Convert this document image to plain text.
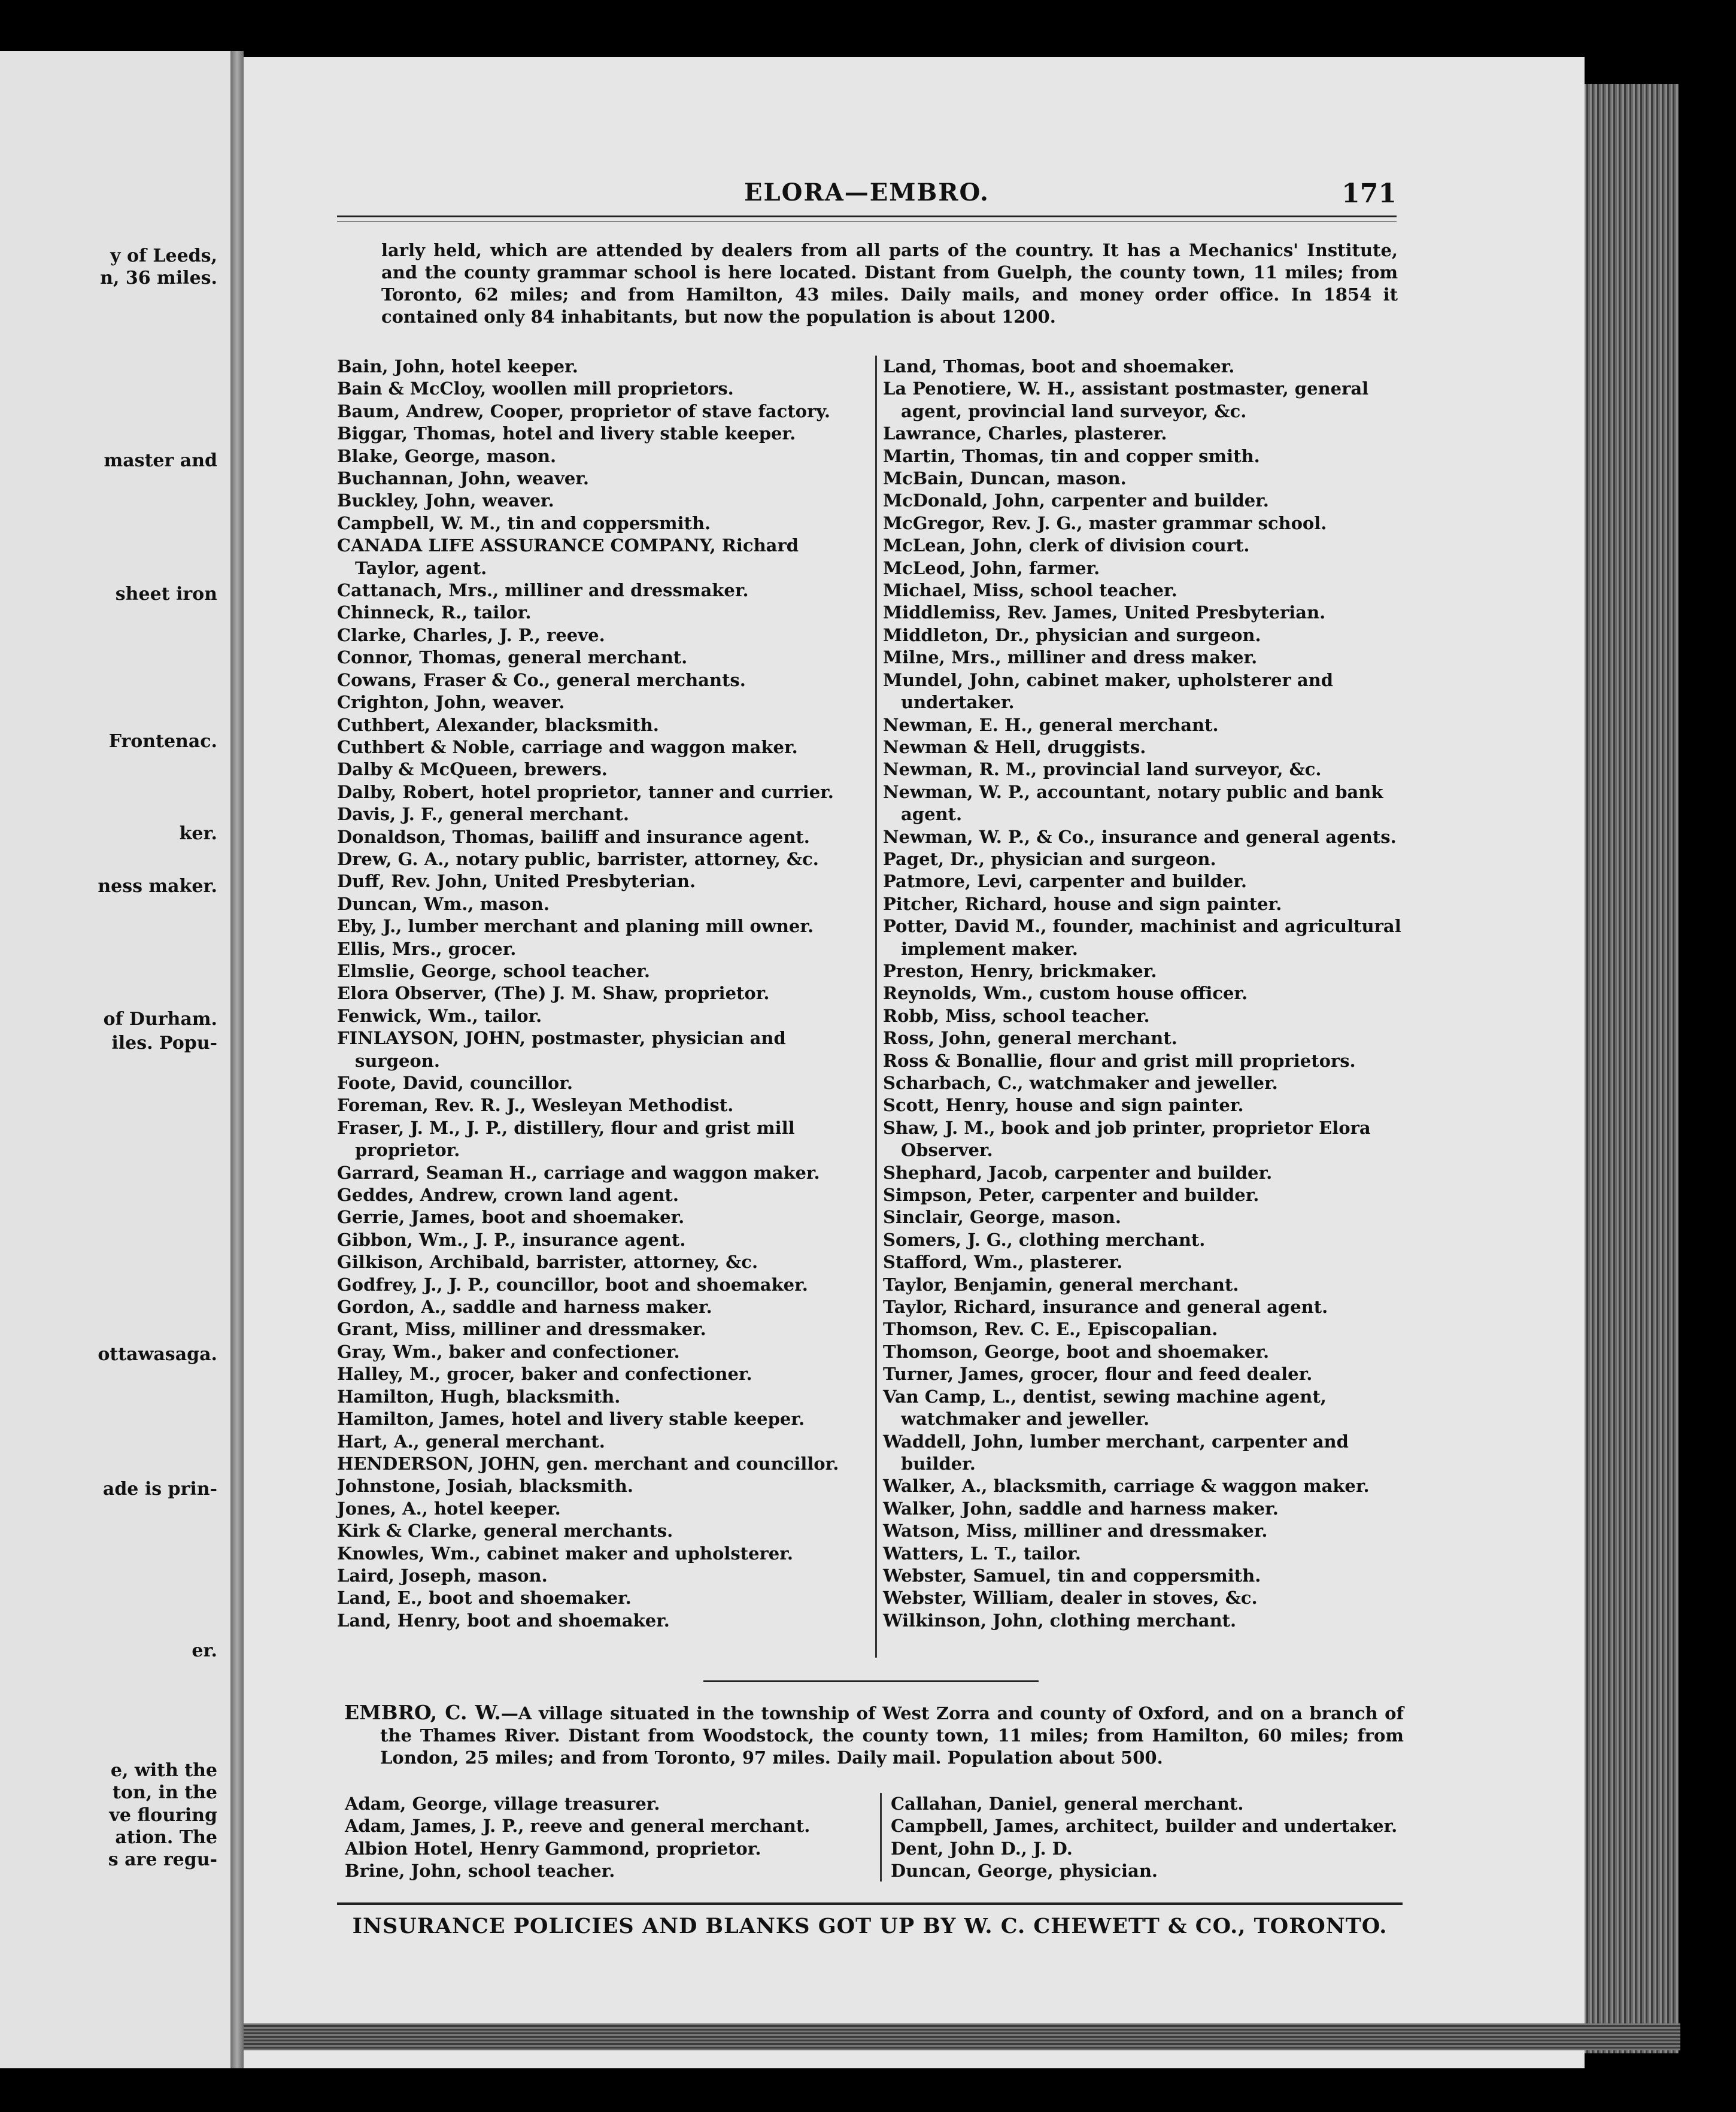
y of Leeds,
n, 36 miles.
master and
sheet iron
Frontenac.
ker.
ness maker.
of Durham.
iles. Popu-
ottawasaga.
ade is prin-
er.
e, with the
ton, in the
ve flouring
ation. The
s are regu-
ELORA—EMBRO.	171
larly held, which are attended by dealers from all parts of the country. It has a Mechanics' Institute, and the county grammar school is here located. Distant from Guelph, the county town, 11 miles; from Toronto, 62 miles; and from Hamilton, 43 miles. Daily mails, and money order office. In 1854 it contained only 84 inhabitants, but now the population is about 1200.
Bain, John, hotel keeper.
Bain & McCloy, woollen mill proprietors.
Baum, Andrew, Cooper, proprietor of stave factory.
Biggar, Thomas, hotel and livery stable keeper.
Blake, George, mason.
Buchannan, John, weaver.
Buckley, John, weaver.
Campbell, W. M., tin and coppersmith.
CANADA LIFE ASSURANCE COMPANY, Richard Taylor, agent.
Cattanach, Mrs., milliner and dressmaker.
Chinneck, R., tailor.
Clarke, Charles, J. P., reeve.
Connor, Thomas, general merchant.
Cowans, Fraser & Co., general merchants.
Crighton, John, weaver.
Cuthbert, Alexander, blacksmith.
Cuthbert & Noble, carriage and waggon maker.
Dalby & McQueen, brewers.
Dalby, Robert, hotel proprietor, tanner and currier.
Davis, J. F., general merchant.
Donaldson, Thomas, bailiff and insurance agent.
Drew, G. A., notary public, barrister, attorney, &c.
Duff, Rev. John, United Presbyterian.
Duncan, Wm., mason.
Eby, J., lumber merchant and planing mill owner.
Ellis, Mrs., grocer.
Elmslie, George, school teacher.
Elora Observer, (The) J. M. Shaw, proprietor.
Fenwick, Wm., tailor.
FINLAYSON, JOHN, postmaster, physician and surgeon.
Foote, David, councillor.
Foreman, Rev. R. J., Wesleyan Methodist.
Fraser, J. M., J. P., distillery, flour and grist mill proprietor.
Garrard, Seaman H., carriage and waggon maker.
Geddes, Andrew, crown land agent.
Gerrie, James, boot and shoemaker.
Gibbon, Wm., J. P., insurance agent.
Gilkison, Archibald, barrister, attorney, &c.
Godfrey, J., J. P., councillor, boot and shoemaker.
Gordon, A., saddle and harness maker.
Grant, Miss, milliner and dressmaker.
Gray, Wm., baker and confectioner.
Halley, M., grocer, baker and confectioner.
Hamilton, Hugh, blacksmith.
Hamilton, James, hotel and livery stable keeper.
Hart, A., general merchant.
HENDERSON, JOHN, gen. merchant and councillor.
Johnstone, Josiah, blacksmith.
Jones, A., hotel keeper.
Kirk & Clarke, general merchants.
Knowles, Wm., cabinet maker and upholsterer.
Laird, Joseph, mason.
Land, E., boot and shoemaker.
Land, Henry, boot and shoemaker.
Land, Thomas, boot and shoemaker.
La Penotiere, W. H., assistant postmaster, general agent, provincial land surveyor, &c.
Lawrance, Charles, plasterer.
Martin, Thomas, tin and copper smith.
McBain, Duncan, mason.
McDonald, John, carpenter and builder.
McGregor, Rev. J. G., master grammar school.
McLean, John, clerk of division court.
McLeod, John, farmer.
Michael, Miss, school teacher.
Middlemiss, Rev. James, United Presbyterian.
Middleton, Dr., physician and surgeon.
Milne, Mrs., milliner and dress maker.
Mundel, John, cabinet maker, upholsterer and undertaker.
Newman, E. H., general merchant.
Newman & Hell, druggists.
Newman, R. M., provincial land surveyor, &c.
Newman, W. P., accountant, notary public and bank agent.
Newman, W. P., & Co., insurance and general agents.
Paget, Dr., physician and surgeon.
Patmore, Levi, carpenter and builder.
Pitcher, Richard, house and sign painter.
Potter, David M., founder, machinist and agricultural implement maker.
Preston, Henry, brickmaker.
Reynolds, Wm., custom house officer.
Robb, Miss, school teacher.
Ross, John, general merchant.
Ross & Bonallie, flour and grist mill proprietors.
Scharbach, C., watchmaker and jeweller.
Scott, Henry, house and sign painter.
Shaw, J. M., book and job printer, proprietor Elora Observer.
Shephard, Jacob, carpenter and builder.
Simpson, Peter, carpenter and builder.
Sinclair, George, mason.
Somers, J. G., clothing merchant.
Stafford, Wm., plasterer.
Taylor, Benjamin, general merchant.
Taylor, Richard, insurance and general agent.
Thomson, Rev. C. E., Episcopalian.
Thomson, George, boot and shoemaker.
Turner, James, grocer, flour and feed dealer.
Van Camp, L., dentist, sewing machine agent, watchmaker and jeweller.
Waddell, John, lumber merchant, carpenter and builder.
Walker, A., blacksmith, carriage & waggon maker.
Walker, John, saddle and harness maker.
Watson, Miss, milliner and dressmaker.
Watters, L. T., tailor.
Webster, Samuel, tin and coppersmith.
Webster, William, dealer in stoves, &c.
Wilkinson, John, clothing merchant.
EMBRO, C. W.—A village situated in the township of West Zorra and county of Oxford, and on a branch of the Thames River. Distant from Woodstock, the county town, 11 miles; from Hamilton, 60 miles; from London, 25 miles; and from Toronto, 97 miles. Daily mail. Population about 500.
Adam, George, village treasurer.
Adam, James, J. P., reeve and general merchant.
Albion Hotel, Henry Gammond, proprietor.
Brine, John, school teacher.
Callahan, Daniel, general merchant.
Campbell, James, architect, builder and undertaker.
Dent, John D., J. D.
Duncan, George, physician.
INSURANCE POLICIES AND BLANKS GOT UP BY W. C. CHEWETT & CO., TORONTO.
